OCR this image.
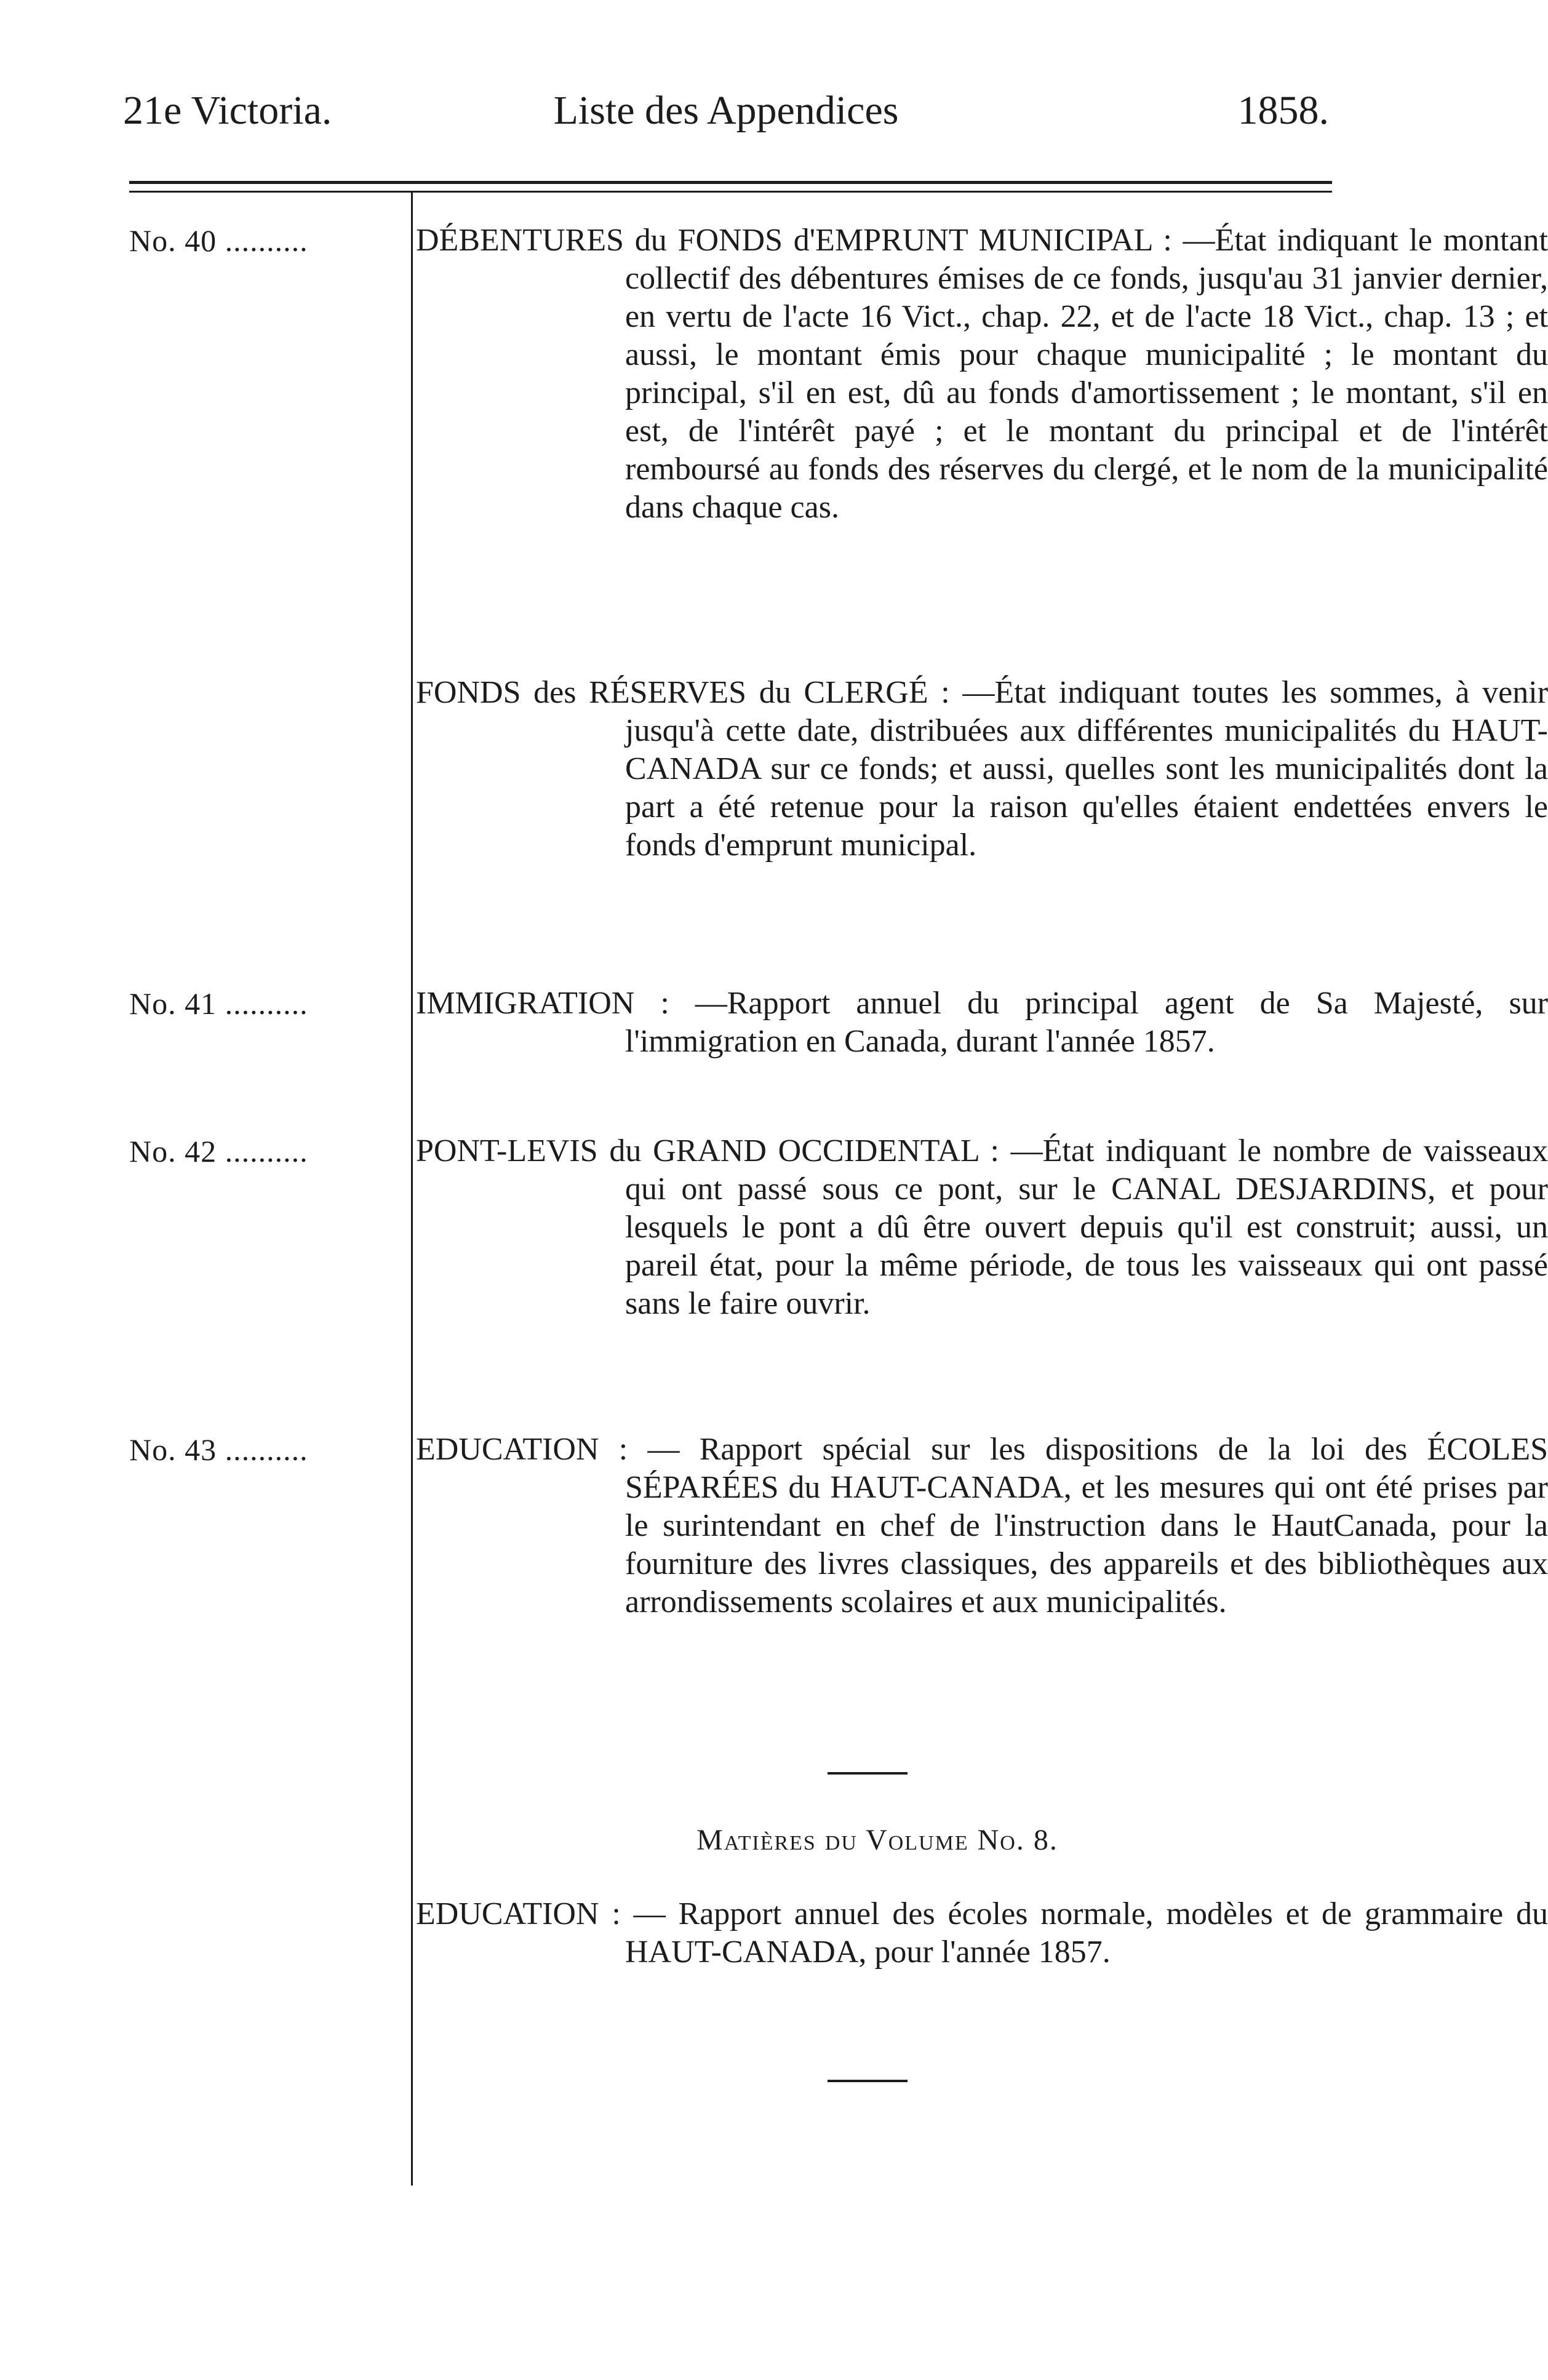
21e Victoria.	Liste des Appendices	1858.
No. 40 ..........	DÉBENTURES du FONDS d'EMPRUNT MUNICIPAL : —État indiquant le montant collectif des débentures émises de ce fonds, jusqu'au 31 janvier dernier, en vertu de l'acte 16 Vict., chap. 22, et de l'acte 18 Vict., chap. 13 ; et aussi, le montant émis pour chaque municipalité ; le montant du principal, s'il en est, dû au fonds d'amortissement ; le montant, s'il en est, de l'intérêt payé ; et le montant du principal et de l'intérêt remboursé au fonds des réserves du clergé, et le nom de la municipalité dans chaque cas.
FONDS des RÉSERVES du CLERGÉ : —État indiquant toutes les sommes, à venir jusqu'à cette date, distribuées aux différentes municipalités du HAUT-CANADA sur ce fonds; et aussi, quelles sont les municipalités dont la part a été retenue pour la raison qu'elles étaient endettées envers le fonds d'emprunt municipal.
No. 41 ..........	IMMIGRATION : —Rapport annuel du principal agent de Sa Majesté, sur l'immigration en Canada, durant l'année 1857.
No. 42 ..........	PONT-LEVIS du GRAND OCCIDENTAL : —État indiquant le nombre de vaisseaux qui ont passé sous ce pont, sur le CANAL DESJARDINS, et pour lesquels le pont a dû être ouvert depuis qu'il est construit; aussi, un pareil état, pour la même période, de tous les vaisseaux qui ont passé sans le faire ouvrir.
No. 43 ..........	EDUCATION : — Rapport spécial sur les dispositions de la loi des ÉCOLES SÉPARÉES du HAUT-CANADA, et les mesures qui ont été prises par le surintendant en chef de l'instruction dans le HautCanada, pour la fourniture des livres classiques, des appareils et des bibliothèques aux arrondissements scolaires et aux municipalités.
Matières du Volume No. 8.
EDUCATION : — Rapport annuel des écoles normale, modèles et de grammaire du HAUT-CANADA, pour l'année 1857.
